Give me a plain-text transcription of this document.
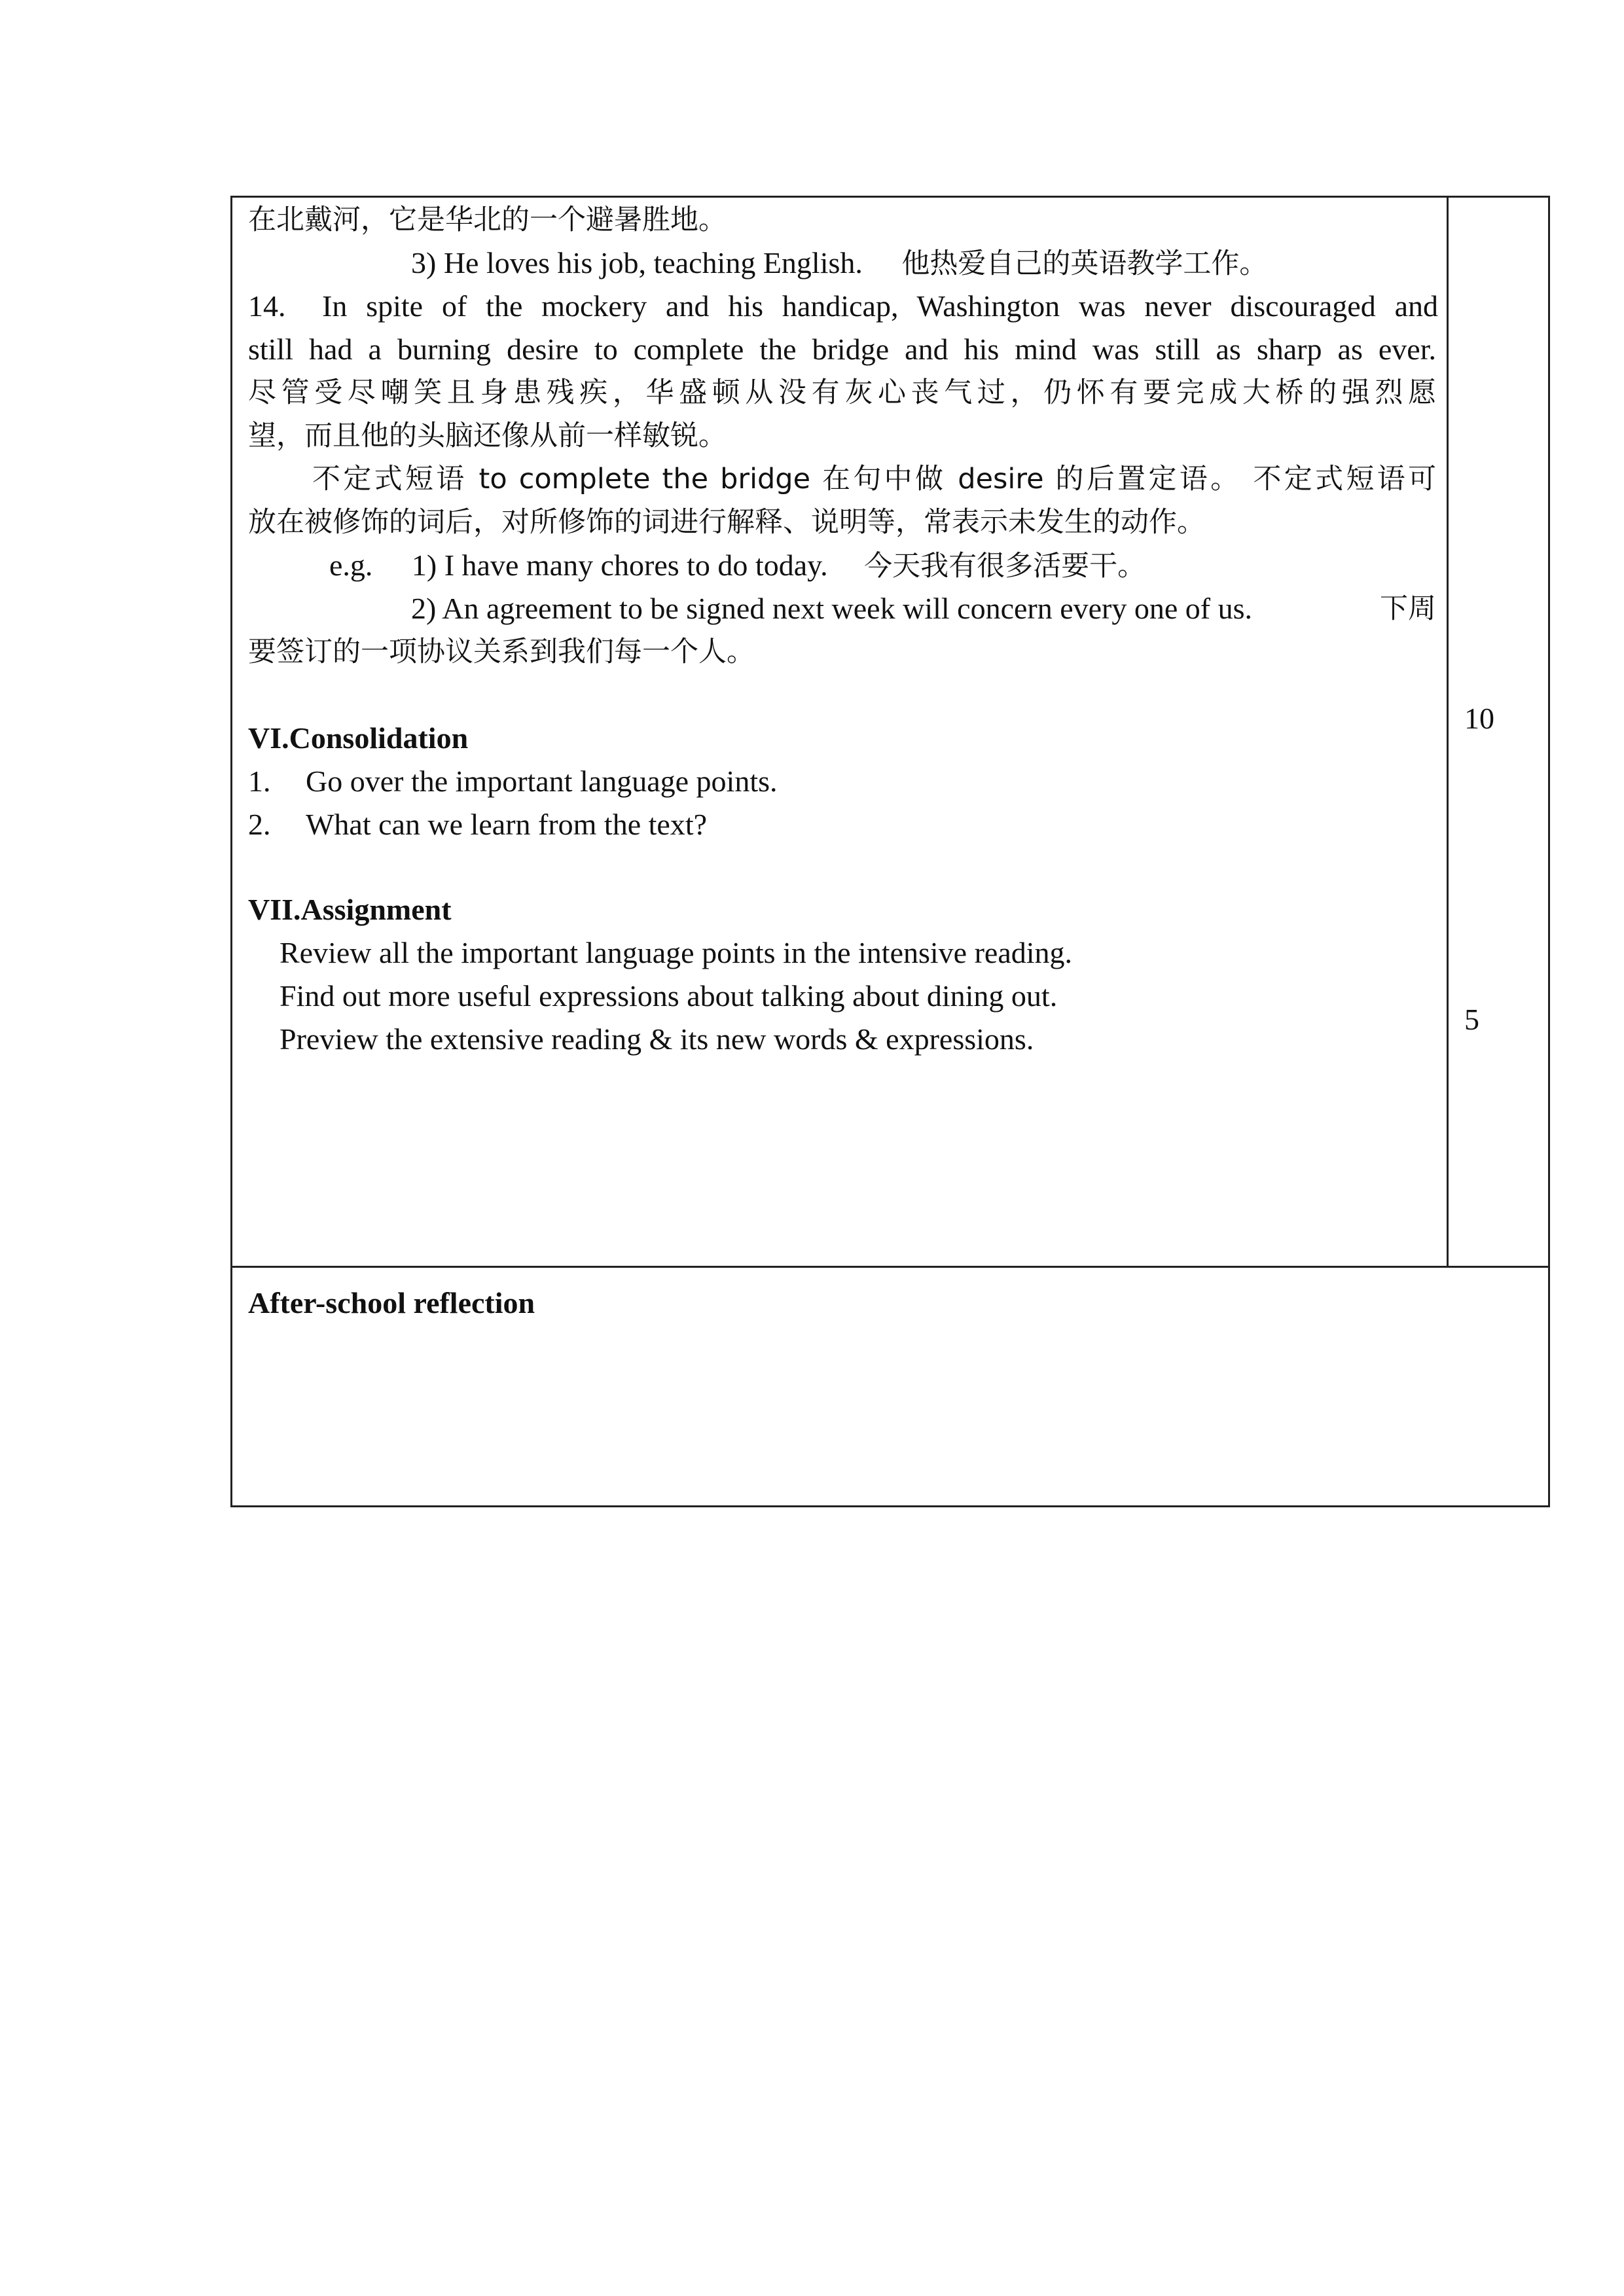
在北戴河，它是华北的一个避暑胜地。
3) He loves his job, teaching English. 他热爱自己的英语教学工作。
14. In spite of the mockery and his handicap, Washington was never discouraged and
still had a burning desire to complete the bridge and his mind was still as sharp as ever.
尽管受尽嘲笑且身患残疾，华盛顿从没有灰心丧气过，仍怀有要完成大桥的强烈愿
望，而且他的头脑还像从前一样敏锐。
不定式短语 to complete the bridge 在句中做 desire 的后置定语。 不定式短语可
放在被修饰的词后，对所修饰的词进行解释、说明等，常表示未发生的动作。
e.g. 1) I have many chores to do today. 今天我有很多活要干。
2) An agreement to be signed next week will concern every one of us.	下周
要签订的一项协议关系到我们每一个人。
VI.Consolidation
1. Go over the important language points.
2. What can we learn from the text?
VII.Assignment
Review all the important language points in the intensive reading.
Find out more useful expressions about talking about dining out.
Preview the extensive reading & its new words & expressions.
10
5
After-school reflection
